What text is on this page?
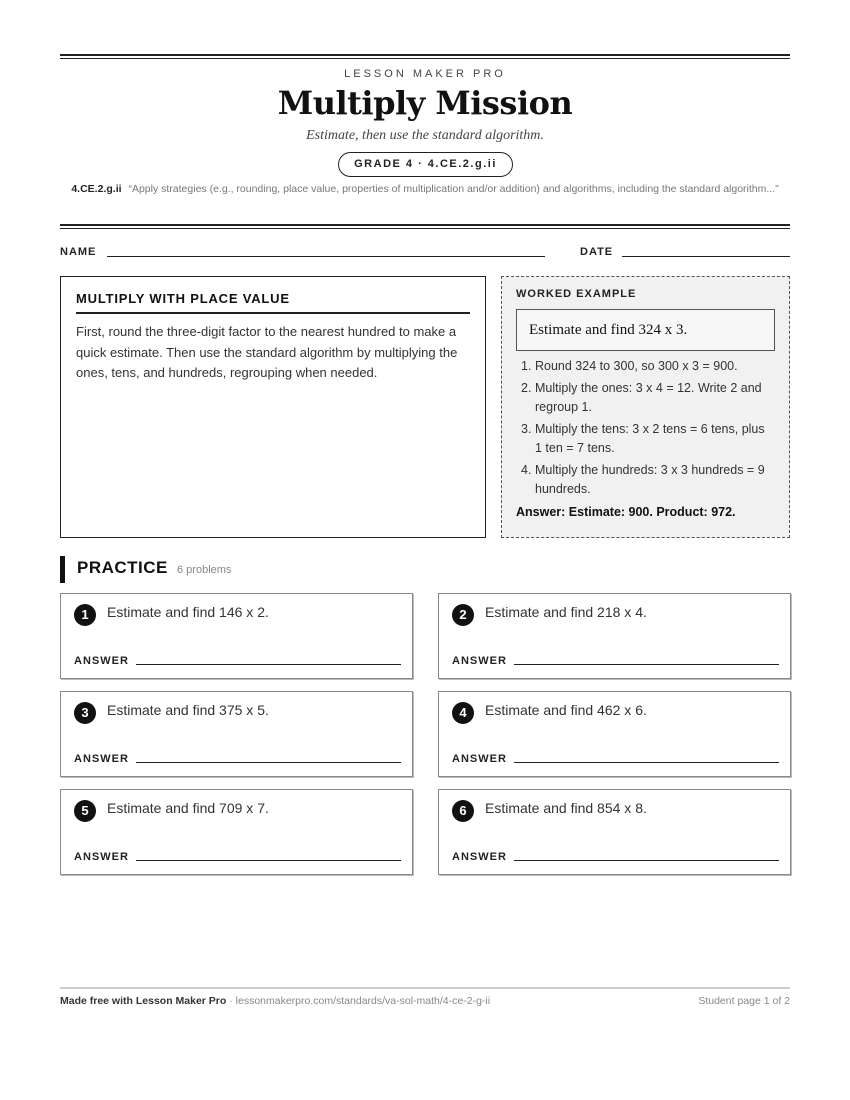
LESSON MAKER PRO
Multiply Mission
Estimate, then use the standard algorithm.
GRADE 4 · 4.CE.2.g.ii
4.CE.2.g.ii “Apply strategies (e.g., rounding, place value, properties of multiplication and/or addition) and algorithms, including the standard algorithm...”
NAME	DATE
MULTIPLY WITH PLACE VALUE
First, round the three-digit factor to the nearest hundred to make a quick estimate. Then use the standard algorithm by multiplying the ones, tens, and hundreds, regrouping when needed.
WORKED EXAMPLE
Estimate and find 324 x 3.
1. Round 324 to 300, so 300 x 3 = 900.
2. Multiply the ones: 3 x 4 = 12. Write 2 and regroup 1.
3. Multiply the tens: 3 x 2 tens = 6 tens, plus 1 ten = 7 tens.
4. Multiply the hundreds: 3 x 3 hundreds = 9 hundreds.
Answer: Estimate: 900. Product: 972.
PRACTICE 6 problems
1	Estimate and find 146 x 2.
ANSWER
2	Estimate and find 218 x 4.
ANSWER
3	Estimate and find 375 x 5.
ANSWER
4	Estimate and find 462 x 6.
ANSWER
5	Estimate and find 709 x 7.
ANSWER
6	Estimate and find 854 x 8.
ANSWER
Made free with Lesson Maker Pro · lessonmakerpro.com/standards/va-sol-math/4-ce-2-g-ii	Student page 1 of 2
